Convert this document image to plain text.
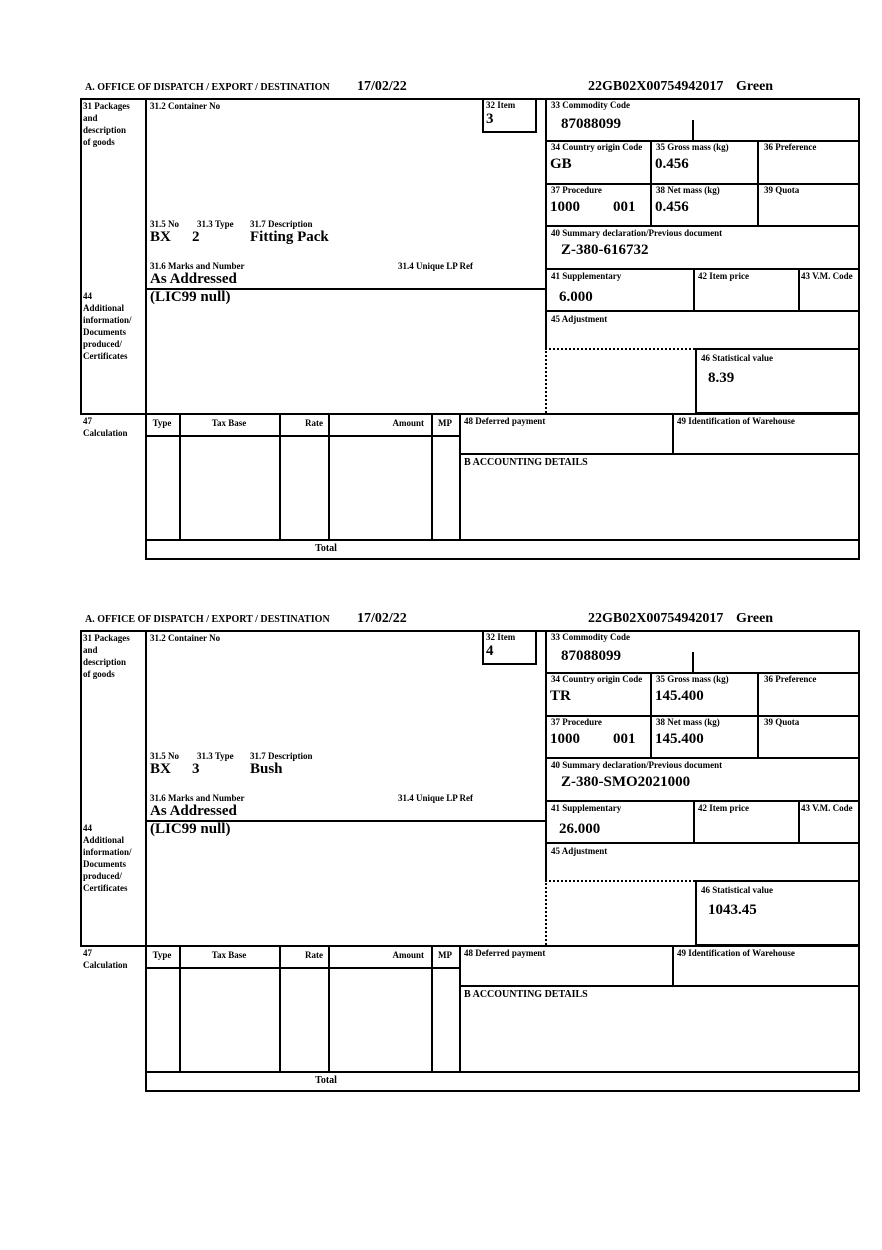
A. OFFICE OF DISPATCH / EXPORT / DESTINATION 17/02/22	22GB02X00754942017 Green
31 Packages
and
description
of goods
31.2 Container No	32 Item
3
33 Commodity Code
87088099
34 Country origin Code
GB
35 Gross mass (kg)
0.456
36 Preference
37 Procedure
1000 001
38 Net mass (kg)
0.456
39 Quota
31.5 No 31.3 Type 31.7 Description
BX 2	Fitting Pack
31.6 Marks and Number	31.4 Unique LP Ref
As Addressed
40 Summary declaration/Previous document
Z-380-616732
41 Supplementary
6.000
42 Item price	43 V.M. Code
44
Additional
information/
Documents
produced/
Certificates
(LIC99 null)
45 Adjustment
46 Statistical value
8.39
47
Calculation
Type	Tax Base	Rate	Amount	MP	48 Deferred payment	49 Identification of Warehouse
B ACCOUNTING DETAILS
Total
A. OFFICE OF DISPATCH / EXPORT / DESTINATION 17/02/22	22GB02X00754942017 Green
31 Packages
and
description
of goods
31.2 Container No	32 Item
4
33 Commodity Code
87088099
34 Country origin Code
TR
35 Gross mass (kg)
145.400
36 Preference
37 Procedure
1000 001
38 Net mass (kg)
145.400
39 Quota
31.5 No 31.3 Type 31.7 Description
BX 3	Bush
31.6 Marks and Number	31.4 Unique LP Ref
As Addressed
40 Summary declaration/Previous document
Z-380-SMO2021000
41 Supplementary
26.000
42 Item price	43 V.M. Code
44
Additional
information/
Documents
produced/
Certificates
(LIC99 null)
45 Adjustment
46 Statistical value
1043.45
47
Calculation
Type	Tax Base	Rate	Amount	MP	48 Deferred payment	49 Identification of Warehouse
B ACCOUNTING DETAILS
Total
